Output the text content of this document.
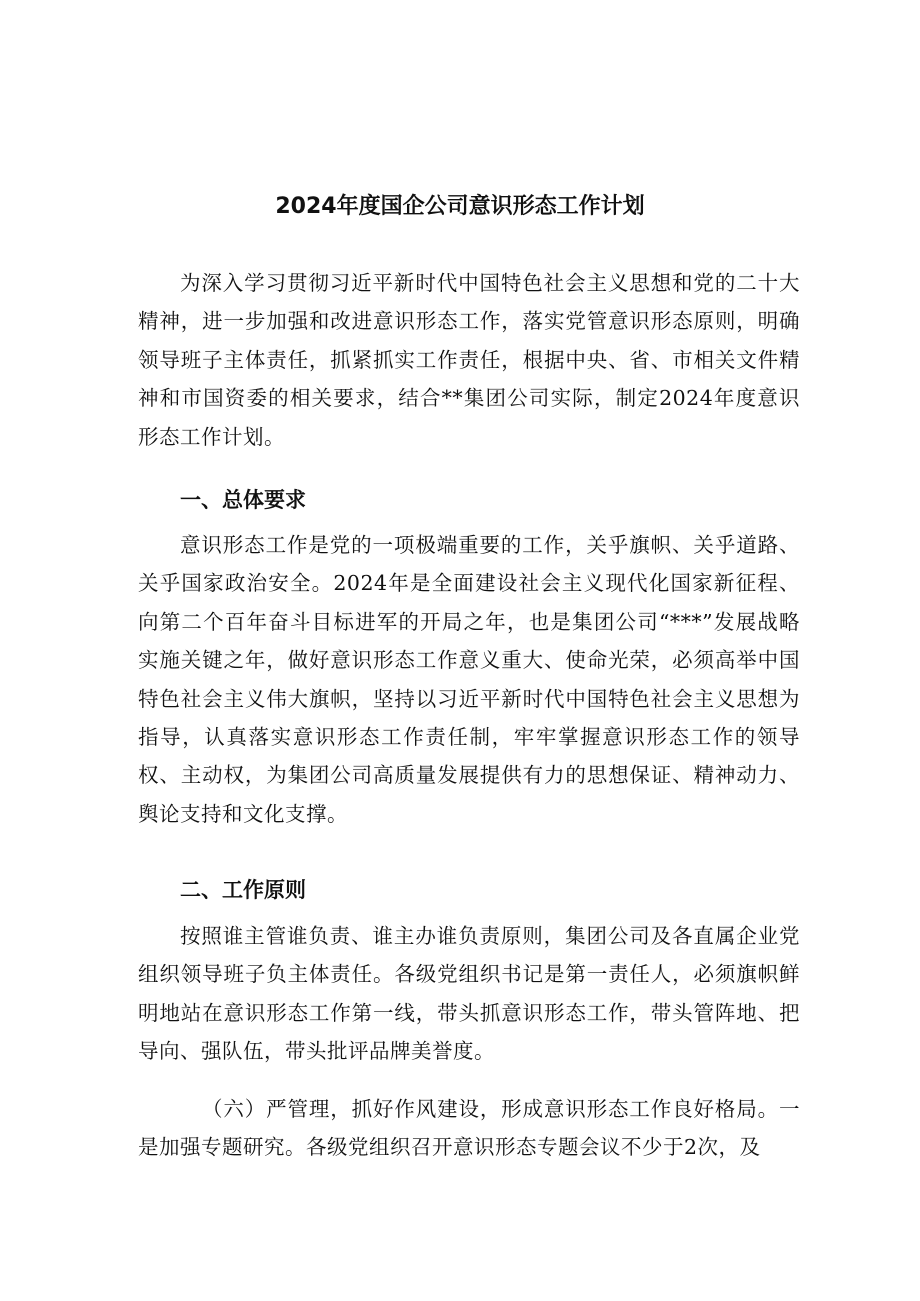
2024年度国企公司意识形态工作计划

为深入学习贯彻习近平新时代中国特色社会主义思想和党的二十大精神，进一步加强和改进意识形态工作，落实党管意识形态原则，明确领导班子主体责任，抓紧抓实工作责任，根据中央、省、市相关文件精神和市国资委的相关要求，结合**集团公司实际，制定2024年度意识形态工作计划。

一、总体要求

意识形态工作是党的一项极端重要的工作，关乎旗帜、关乎道路、关乎国家政治安全。2024年是全面建设社会主义现代化国家新征程、向第二个百年奋斗目标进军的开局之年，也是集团公司“***”发展战略实施关键之年，做好意识形态工作意义重大、使命光荣，必须高举中国特色社会主义伟大旗帜，坚持以习近平新时代中国特色社会主义思想为指导，认真落实意识形态工作责任制，牢牢掌握意识形态工作的领导权、主动权，为集团公司高质量发展提供有力的思想保证、精神动力、舆论支持和文化支撑。

二、工作原则

按照谁主管谁负责、谁主办谁负责原则，集团公司及各直属企业党组织领导班子负主体责任。各级党组织书记是第一责任人，必须旗帜鲜明地站在意识形态工作第一线，带头抓意识形态工作，带头管阵地、把导向、强队伍，带头批评品牌美誉度。

（六）严管理，抓好作风建设，形成意识形态工作良好格局。一是加强专题研究。各级党组织召开意识形态专题会议不少于2次，及
